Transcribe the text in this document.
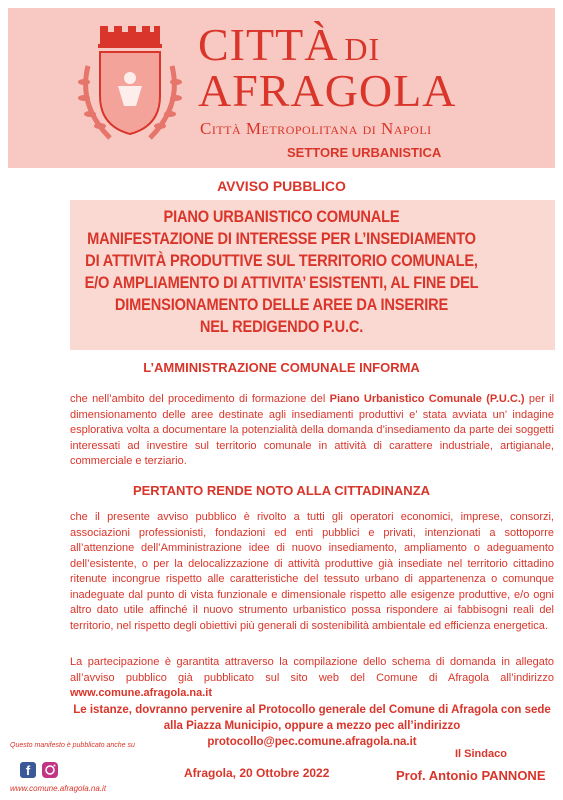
CITTÀ DI
AFRAGOLA
Città Metropolitana di Napoli
SETTORE URBANISTICA
AVVISO PUBBLICO
PIANO URBANISTICO COMUNALE
MANIFESTAZIONE DI INTERESSE PER L’INSEDIAMENTO
DI ATTIVITÀ PRODUTTIVE SUL TERRITORIO COMUNALE,
E/O AMPLIAMENTO DI ATTIVITA’ ESISTENTI, AL FINE DEL
DIMENSIONAMENTO DELLE AREE DA INSERIRE
NEL REDIGENDO P.U.C.
L’AMMINISTRAZIONE COMUNALE INFORMA
che nell’ambito del procedimento di formazione del Piano Urbanistico Comunale (P.U.C.) per il dimensionamento delle aree destinate agli insediamenti produttivi e’ stata avviata un’ indagine esplorativa volta a documentare la potenzialità della domanda d’insediamento da parte dei soggetti interessati ad investire sul territorio comunale in attività di carattere industriale, artigianale, commerciale e terziario.
PERTANTO RENDE NOTO ALLA CITTADINANZA
che il presente avviso pubblico è rivolto a tutti gli operatori economici, imprese, consorzi, associazioni professionisti, fondazioni ed enti pubblici e privati, intenzionati a sottoporre all’attenzione dell’Amministrazione idee di nuovo insediamento, ampliamento o adeguamento dell’esistente, o per la delocalizzazione di attività produttive già insediate nel territorio cittadino ritenute incongrue rispetto alle caratteristiche del tessuto urbano di appartenenza o comunque inadeguate dal punto di vista funzionale e dimensionale rispetto alle esigenze produttive, e/o ogni altro dato utile affinché il nuovo strumento urbanistico possa rispondere ai fabbisogni reali del territorio, nel rispetto degli obiettivi più generali di sostenibilità ambientale ed efficienza energetica.
La partecipazione è garantita attraverso la compilazione dello schema di domanda in allegato all’avviso pubblico già pubblicato sul sito web del Comune di Afragola all’indirizzo www.comune.afragola.na.it
Le istanze, dovranno pervenire al Protocollo generale del Comune di Afragola con sede
alla Piazza Municipio, oppure a mezzo pec all’indirizzo
protocollo@pec.comune.afragola.na.it
Questo manifesto è pubblicato anche su
f
www.comune.afragola.na.it
Afragola, 20 Ottobre 2022
Il Sindaco
Prof. Antonio PANNONE
